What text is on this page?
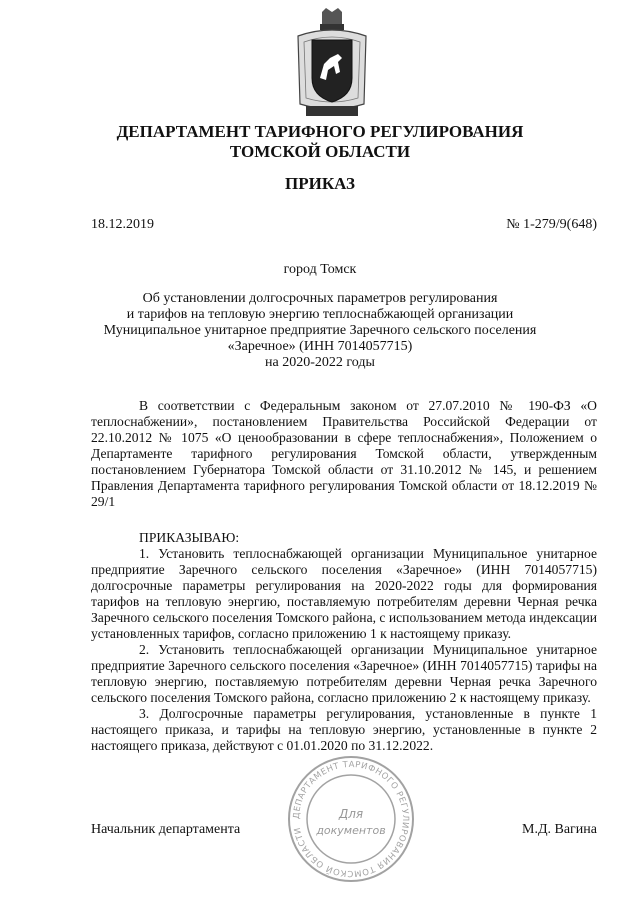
ДЕПАРТАМЕНТ ТАРИФНОГО РЕГУЛИРОВАНИЯ
ТОМСКОЙ ОБЛАСТИ
ПРИКАЗ
18.12.2019	№ 1-279/9(648)
город Томск
Об установлении долгосрочных параметров регулирования
и тарифов на тепловую энергию теплоснабжающей организации
Муниципальное унитарное предприятие Заречного сельского поселения
«Заречное» (ИНН 7014057715)
на 2020-2022 годы

В соответствии с Федеральным законом от 27.07.2010 № 190-ФЗ «О теплоснабжении», постановлением Правительства Российской Федерации от 22.10.2012 № 1075 «О ценообразовании в сфере теплоснабжения», Положением о Департаменте тарифного регулирования Томской области, утвержденным постановлением Губернатора Томской области от 31.10.2012 № 145, и решением Правления Департамента тарифного регулирования Томской области от 18.12.2019 № 29/1

ПРИКАЗЫВАЮ:

1. Установить теплоснабжающей организации Муниципальное унитарное предприятие Заречного сельского поселения «Заречное» (ИНН 7014057715) долгосрочные параметры регулирования на 2020-2022 годы для формирования тарифов на тепловую энергию, поставляемую потребителям деревни Черная речка Заречного сельского поселения Томского района, с использованием метода индексации установленных тарифов, согласно приложению 1 к настоящему приказу.

2. Установить теплоснабжающей организации Муниципальное унитарное предприятие Заречного сельского поселения «Заречное» (ИНН 7014057715) тарифы на тепловую энергию, поставляемую потребителям деревни Черная речка Заречного сельского поселения Томского района, согласно приложению 2 к настоящему приказу.

3. Долгосрочные параметры регулирования, установленные в пункте 1 настоящего приказа, и тарифы на тепловую энергию, установленные в пункте 2 настоящего приказа, действуют с 01.01.2020 по 31.12.2022.

Начальник департамента	М.Д. Вагина
ДЕПАРТАМЕНТ ТАРИФНОГО РЕГУЛИРОВАНИЯ ТОМСКОЙ ОБЛАСТИ
Для
документов
